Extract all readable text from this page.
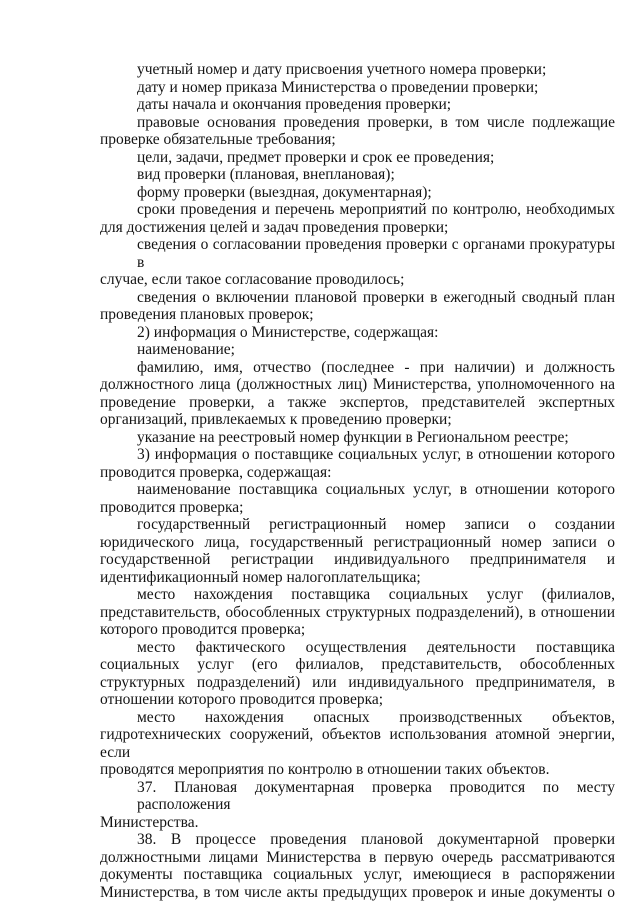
учетный номер и дату присвоения учетного номера проверки;
дату и номер приказа Министерства о проведении проверки;
даты начала и окончания проведения проверки;
правовые основания проведения проверки, в том числе подлежащие
проверке обязательные требования;
цели, задачи, предмет проверки и срок ее проведения;
вид проверки (плановая, внеплановая);
форму проверки (выездная, документарная);
сроки проведения и перечень мероприятий по контролю, необходимых
для достижения целей и задач проведения проверки;
сведения о согласовании проведения проверки с органами прокуратуры в
случае, если такое согласование проводилось;
сведения о включении плановой проверки в ежегодный сводный план
проведения плановых проверок;
2) информация о Министерстве, содержащая:
наименование;
фамилию, имя, отчество (последнее - при наличии) и должность
должностного лица (должностных лиц) Министерства, уполномоченного на
проведение проверки, а также экспертов, представителей экспертных
организаций, привлекаемых к проведению проверки;
указание на реестровый номер функции в Региональном реестре;
3) информация о поставщике социальных услуг, в отношении которого
проводится проверка, содержащая:
наименование поставщика социальных услуг, в отношении которого
проводится проверка;
государственный регистрационный номер записи о создании
юридического лица, государственный регистрационный номер записи о
государственной регистрации индивидуального предпринимателя и
идентификационный номер налогоплательщика;
место нахождения поставщика социальных услуг (филиалов,
представительств, обособленных структурных подразделений), в отношении
которого проводится проверка;
место фактического осуществления деятельности поставщика
социальных услуг (его филиалов, представительств, обособленных
структурных подразделений) или индивидуального предпринимателя, в
отношении которого проводится проверка;
место нахождения опасных производственных объектов,
гидротехнических сооружений, объектов использования атомной энергии, если
проводятся мероприятия по контролю в отношении таких объектов.
37. Плановая документарная проверка проводится по месту расположения
Министерства.
38. В процессе проведения плановой документарной проверки
должностными лицами Министерства в первую очередь рассматриваются
документы поставщика социальных услуг, имеющиеся в распоряжении
Министерства, в том числе акты предыдущих проверок и иные документы о
